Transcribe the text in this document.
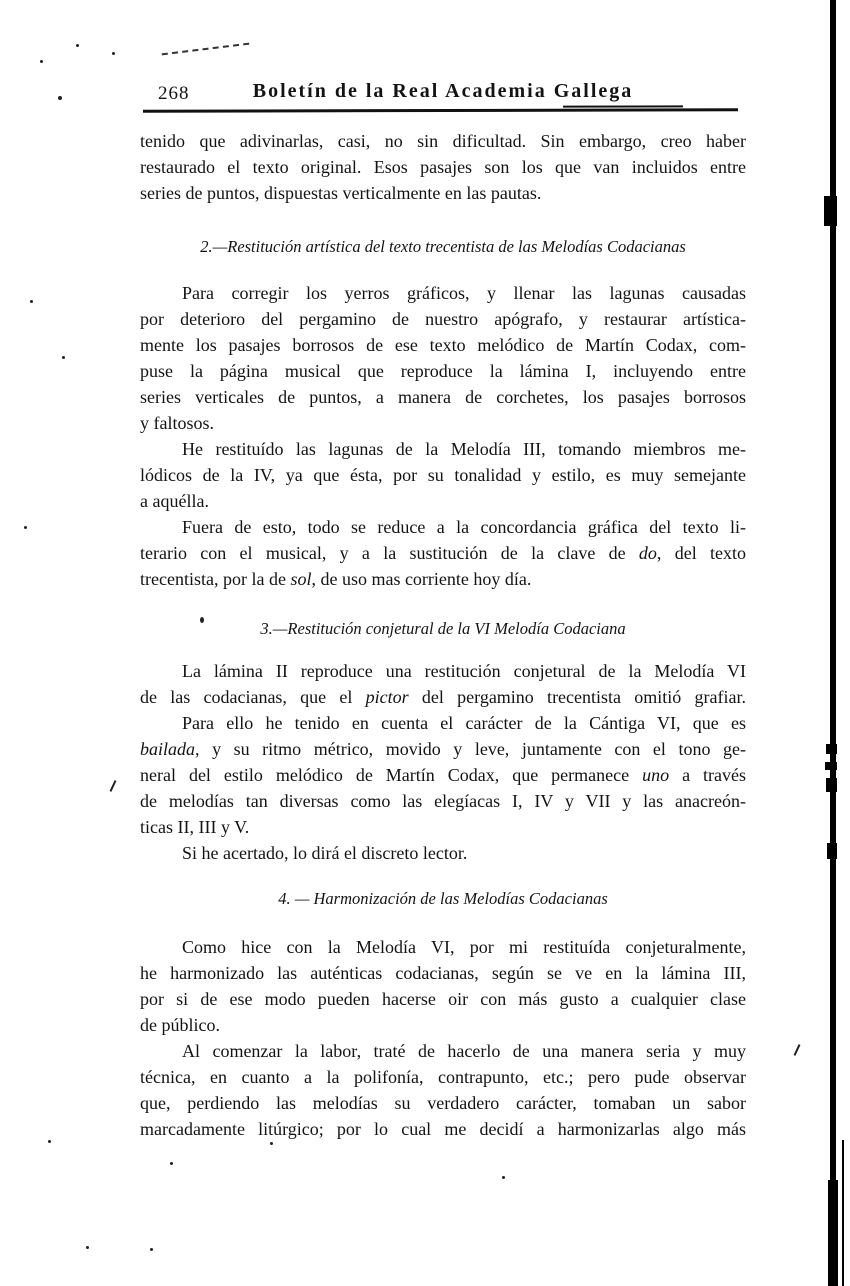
268	Boletín de la Real Academia Gallega
tenido que adivinarlas, casi, no sin dificultad. Sin embargo, creo haber
restaurado el texto original. Esos pasajes son los que van incluidos entre
series de puntos, dispuestas verticalmente en las pautas.
2.—Restitución artística del texto trecentista de las Melodías Codacianas
Para corregir los yerros gráficos, y llenar las lagunas causadas
por deterioro del pergamino de nuestro apógrafo, y restaurar artística-
mente los pasajes borrosos de ese texto melódico de Martín Codax, com-
puse la página musical que reproduce la lámina I, incluyendo entre
series verticales de puntos, a manera de corchetes, los pasajes borrosos
y faltosos.
He restituído las lagunas de la Melodía III, tomando miembros me-
lódicos de la IV, ya que ésta, por su tonalidad y estilo, es muy semejante
a aquélla.
Fuera de esto, todo se reduce a la concordancia gráfica del texto li-
terario con el musical, y a la sustitución de la clave de do, del texto
trecentista, por la de sol, de uso mas corriente hoy día.
3.—Restitución conjetural de la VI Melodía Codaciana
La lámina II reproduce una restitución conjetural de la Melodía VI
de las codacianas, que el pictor del pergamino trecentista omitió grafiar.
Para ello he tenido en cuenta el carácter de la Cántiga VI, que es
bailada, y su ritmo métrico, movido y leve, juntamente con el tono ge-
neral del estilo melódico de Martín Codax, que permanece uno a través
de melodías tan diversas como las elegíacas I, IV y VII y las anacreón-
ticas II, III y V.
Si he acertado, lo dirá el discreto lector.
4. — Harmonización de las Melodías Codacianas
Como hice con la Melodía VI, por mi restituída conjeturalmente,
he harmonizado las auténticas codacianas, según se ve en la lámina III,
por si de ese modo pueden hacerse oir con más gusto a cualquier clase
de público.
Al comenzar la labor, traté de hacerlo de una manera seria y muy
técnica, en cuanto a la polifonía, contrapunto, etc.; pero pude observar
que, perdiendo las melodías su verdadero carácter, tomaban un sabor
marcadamente litúrgico; por lo cual me decidí a harmonizarlas algo más
